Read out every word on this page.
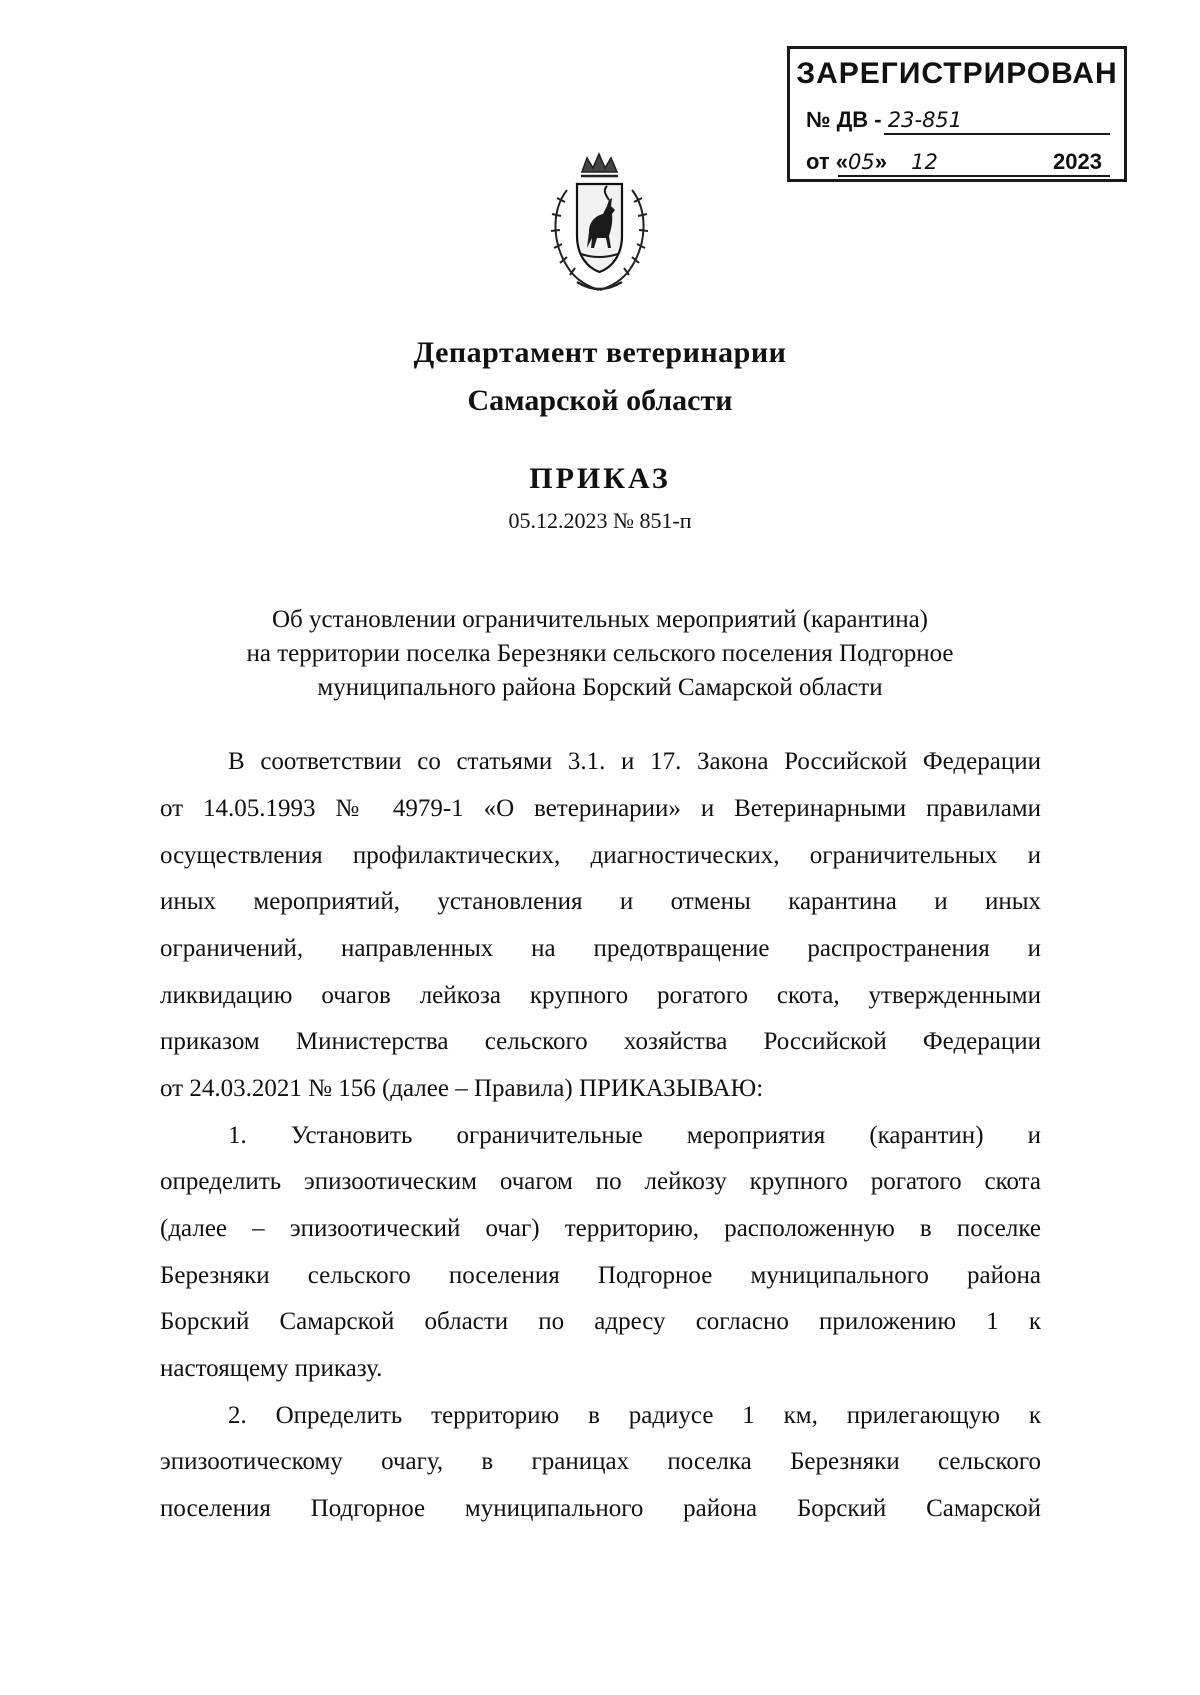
ЗАРЕГИСТРИРОВАН
№ ДВ - 23-851
от «05» 12	2023
Департамент ветеринарии
Самарской области
ПРИКАЗ
05.12.2023 № 851-п
Об установлении ограничительных мероприятий (карантина)
на территории поселка Березняки сельского поселения Подгорное
муниципального района Борский Самарской области
В соответствии со статьями 3.1. и 17. Закона Российской Федерации
от 14.05.1993 № 4979-1 «О ветеринарии» и Ветеринарными правилами
осуществления профилактических, диагностических, ограничительных и
иных мероприятий, установления и отмены карантина и иных
ограничений, направленных на предотвращение распространения и
ликвидацию очагов лейкоза крупного рогатого скота, утвержденными
приказом Министерства сельского хозяйства Российской Федерации
от 24.03.2021 № 156 (далее – Правила) ПРИКАЗЫВАЮ:
1. Установить ограничительные мероприятия (карантин) и
определить эпизоотическим очагом по лейкозу крупного рогатого скота
(далее – эпизоотический очаг) территорию, расположенную в поселке
Березняки сельского поселения Подгорное муниципального района
Борский Самарской области по адресу согласно приложению 1 к
настоящему приказу.
2. Определить территорию в радиусе 1 км, прилегающую к
эпизоотическому очагу, в границах поселка Березняки сельского
поселения Подгорное муниципального района Борский Самарской
